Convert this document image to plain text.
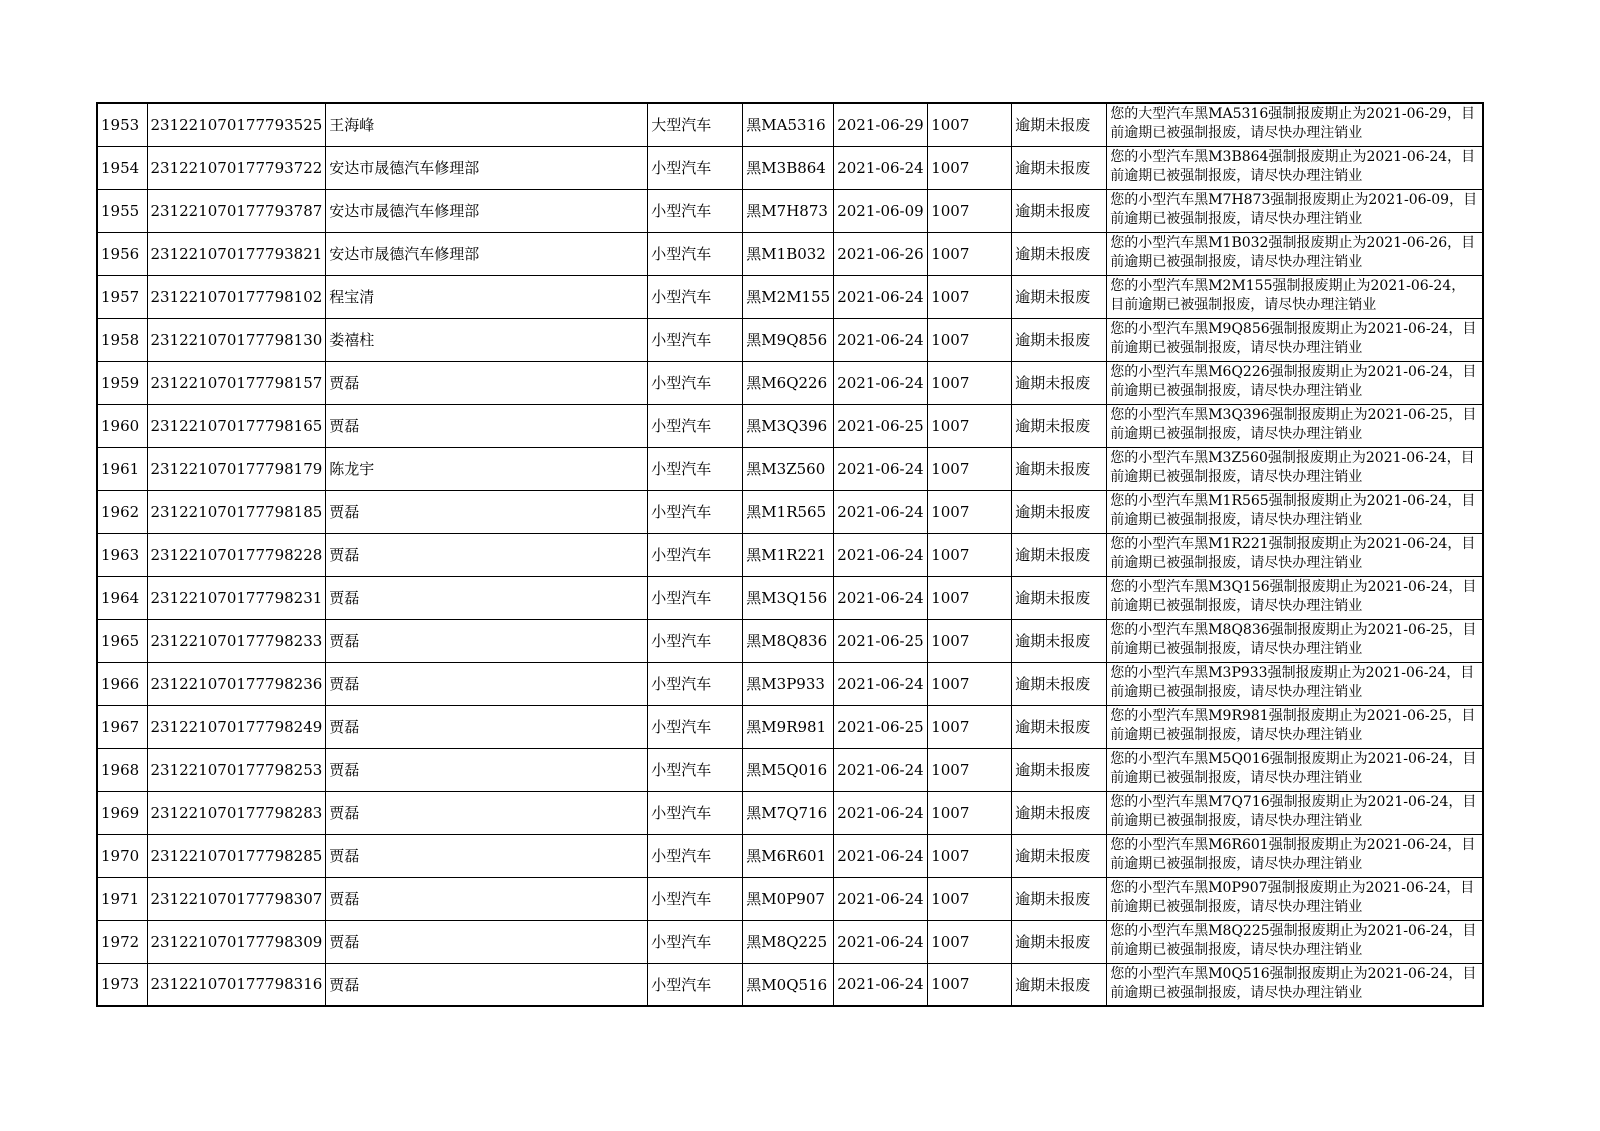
1953	231221070177793525	王海峰	大型汽车	黑MA5316	2021-06-29	1007	逾期未报废	您的大型汽车黑MA5316强制报废期止为2021-06-29，目前逾期已被强制报废，请尽快办理注销业
1954	231221070177793722	安达市晟德汽车修理部	小型汽车	黑M3B864	2021-06-24	1007	逾期未报废	您的小型汽车黑M3B864强制报废期止为2021-06-24，目前逾期已被强制报废，请尽快办理注销业
1955	231221070177793787	安达市晟德汽车修理部	小型汽车	黑M7H873	2021-06-09	1007	逾期未报废	您的小型汽车黑M7H873强制报废期止为2021-06-09，目前逾期已被强制报废，请尽快办理注销业
1956	231221070177793821	安达市晟德汽车修理部	小型汽车	黑M1B032	2021-06-26	1007	逾期未报废	您的小型汽车黑M1B032强制报废期止为2021-06-26，目前逾期已被强制报废，请尽快办理注销业
1957	231221070177798102	程宝清	小型汽车	黑M2M155	2021-06-24	1007	逾期未报废	您的小型汽车黑M2M155强制报废期止为2021-06-24，目前逾期已被强制报废，请尽快办理注销业
1958	231221070177798130	娄禧柱	小型汽车	黑M9Q856	2021-06-24	1007	逾期未报废	您的小型汽车黑M9Q856强制报废期止为2021-06-24，目前逾期已被强制报废，请尽快办理注销业
1959	231221070177798157	贾磊	小型汽车	黑M6Q226	2021-06-24	1007	逾期未报废	您的小型汽车黑M6Q226强制报废期止为2021-06-24，目前逾期已被强制报废，请尽快办理注销业
1960	231221070177798165	贾磊	小型汽车	黑M3Q396	2021-06-25	1007	逾期未报废	您的小型汽车黑M3Q396强制报废期止为2021-06-25，目前逾期已被强制报废，请尽快办理注销业
1961	231221070177798179	陈龙宇	小型汽车	黑M3Z560	2021-06-24	1007	逾期未报废	您的小型汽车黑M3Z560强制报废期止为2021-06-24，目前逾期已被强制报废，请尽快办理注销业
1962	231221070177798185	贾磊	小型汽车	黑M1R565	2021-06-24	1007	逾期未报废	您的小型汽车黑M1R565强制报废期止为2021-06-24，目前逾期已被强制报废，请尽快办理注销业
1963	231221070177798228	贾磊	小型汽车	黑M1R221	2021-06-24	1007	逾期未报废	您的小型汽车黑M1R221强制报废期止为2021-06-24，目前逾期已被强制报废，请尽快办理注销业
1964	231221070177798231	贾磊	小型汽车	黑M3Q156	2021-06-24	1007	逾期未报废	您的小型汽车黑M3Q156强制报废期止为2021-06-24，目前逾期已被强制报废，请尽快办理注销业
1965	231221070177798233	贾磊	小型汽车	黑M8Q836	2021-06-25	1007	逾期未报废	您的小型汽车黑M8Q836强制报废期止为2021-06-25，目前逾期已被强制报废，请尽快办理注销业
1966	231221070177798236	贾磊	小型汽车	黑M3P933	2021-06-24	1007	逾期未报废	您的小型汽车黑M3P933强制报废期止为2021-06-24，目前逾期已被强制报废，请尽快办理注销业
1967	231221070177798249	贾磊	小型汽车	黑M9R981	2021-06-25	1007	逾期未报废	您的小型汽车黑M9R981强制报废期止为2021-06-25，目前逾期已被强制报废，请尽快办理注销业
1968	231221070177798253	贾磊	小型汽车	黑M5Q016	2021-06-24	1007	逾期未报废	您的小型汽车黑M5Q016强制报废期止为2021-06-24，目前逾期已被强制报废，请尽快办理注销业
1969	231221070177798283	贾磊	小型汽车	黑M7Q716	2021-06-24	1007	逾期未报废	您的小型汽车黑M7Q716强制报废期止为2021-06-24，目前逾期已被强制报废，请尽快办理注销业
1970	231221070177798285	贾磊	小型汽车	黑M6R601	2021-06-24	1007	逾期未报废	您的小型汽车黑M6R601强制报废期止为2021-06-24，目前逾期已被强制报废，请尽快办理注销业
1971	231221070177798307	贾磊	小型汽车	黑M0P907	2021-06-24	1007	逾期未报废	您的小型汽车黑M0P907强制报废期止为2021-06-24，目前逾期已被强制报废，请尽快办理注销业
1972	231221070177798309	贾磊	小型汽车	黑M8Q225	2021-06-24	1007	逾期未报废	您的小型汽车黑M8Q225强制报废期止为2021-06-24，目前逾期已被强制报废，请尽快办理注销业
1973	231221070177798316	贾磊	小型汽车	黑M0Q516	2021-06-24	1007	逾期未报废	您的小型汽车黑M0Q516强制报废期止为2021-06-24，目前逾期已被强制报废，请尽快办理注销业
